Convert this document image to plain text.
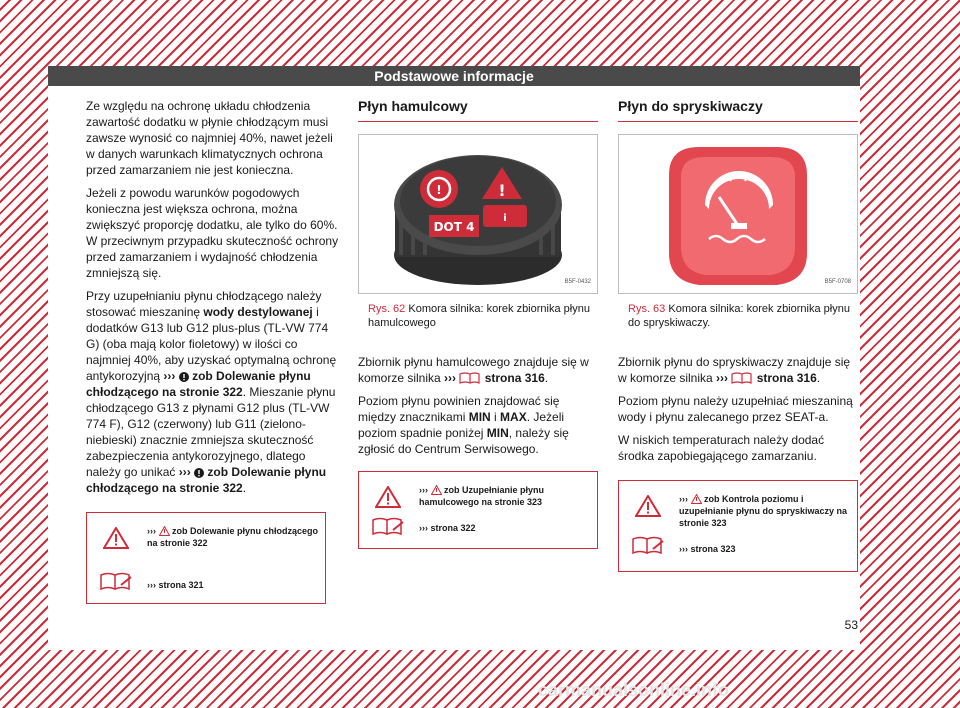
Podstawowe informacje

Ze względu na ochronę układu chłodzenia zawartość dodatku w płynie chłodzącym musi zawsze wynosić co najmniej 40%, nawet jeżeli w danych warunkach klimatycznych ochrona przed zamarzaniem nie jest konieczna.

Jeżeli z powodu warunków pogodowych konieczna jest większa ochrona, można zwiększyć proporcję dodatku, ale tylko do 60%. W przeciwnym przypadku skuteczność ochrony przed zamarzaniem i wydajność chłodzenia zmniejszą się.

Przy uzupełnianiu płynu chłodzącego należy stosować mieszaninę wody destylowanej i dodatków G13 lub G12 plus-plus (TL-VW 774 G) (oba mają kolor fioletowy) w ilości co najmniej 40%, aby uzyskać optymalną ochronę antykorozyjną ››› zob Dolewanie płynu chłodzącego na stronie 322. Mieszanie płynu chłodzącego G13 z płynami G12 plus (TL-VW 774 F), G12 (czerwony) lub G11 (zielono-niebieski) znacznie zmniejsza skuteczność zabezpieczenia antykorozyjnego, dlatego należy go unikać ››› zob Dolewanie płynu chłodzącego na stronie 322.

››› zob Dolewanie płynu chłodzącego na stronie 322
››› strona 321
Płyn hamulcowy
!	!
i
DOT 4
B5F-0432
Rys. 62 Komora silnika: korek zbiornika płynu hamulcowego

Zbiornik płynu hamulcowego znajduje się w komorze silnika ››› strona 316.

Poziom płynu powinien znajdować się między znacznikami MIN i MAX. Jeżeli poziom spadnie poniżej MIN, należy się zgłosić do Centrum Serwisowego.

››› zob Uzupełnianie płynu hamulcowego na stronie 323
››› strona 322
Płyn do spryskiwaczy
B5F-0708
Rys. 63 Komora silnika: korek zbiornika płynu do spryskiwaczy.

Zbiornik płynu do spryskiwaczy znajduje się w komorze silnika ››› strona 316.

Poziom płynu należy uzupełniać mieszaniną wody i płynu zalecanego przez SEAT-a.

W niskich temperaturach należy dodać środka zapobiegającego zamarzaniu.

››› zob Kontrola poziomu i uzupełnianie płynu do spryskiwaczy na stronie 323
››› strona 323
53
carmanualsonline.info
